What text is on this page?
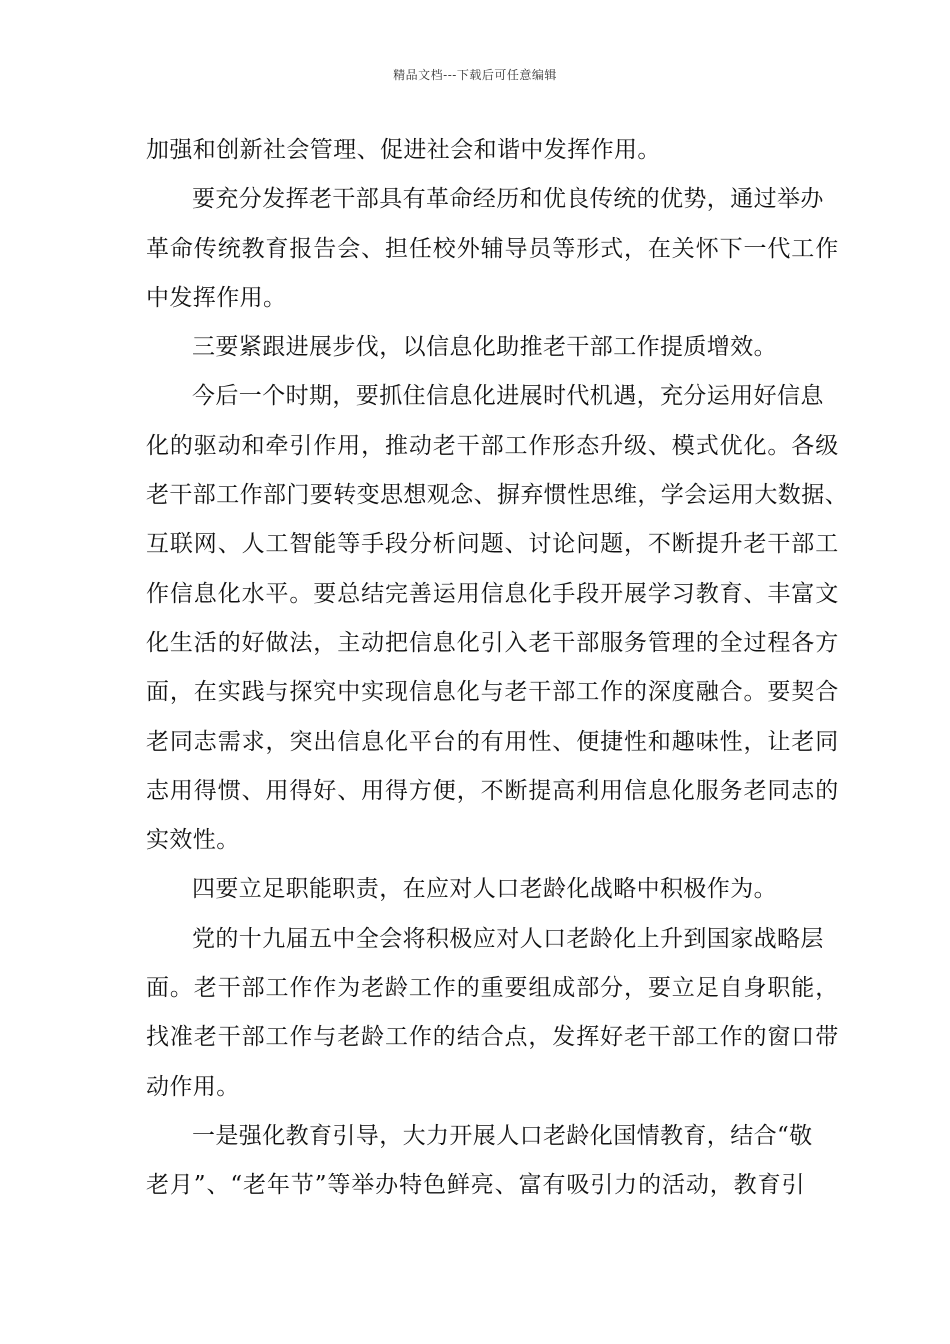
精品文档---下载后可任意编辑
加强和创新社会管理、促进社会和谐中发挥作用。
要充分发挥老干部具有革命经历和优良传统的优势，通过举办
革命传统教育报告会、担任校外辅导员等形式，在关怀下一代工作
中发挥作用。
三要紧跟进展步伐，以信息化助推老干部工作提质增效。
今后一个时期，要抓住信息化进展时代机遇，充分运用好信息
化的驱动和牵引作用，推动老干部工作形态升级、模式优化。各级
老干部工作部门要转变思想观念、摒弃惯性思维，学会运用大数据、
互联网、人工智能等手段分析问题、讨论问题，不断提升老干部工
作信息化水平。要总结完善运用信息化手段开展学习教育、丰富文
化生活的好做法，主动把信息化引入老干部服务管理的全过程各方
面，在实践与探究中实现信息化与老干部工作的深度融合。要契合
老同志需求，突出信息化平台的有用性、便捷性和趣味性，让老同
志用得惯、用得好、用得方便，不断提高利用信息化服务老同志的
实效性。
四要立足职能职责，在应对人口老龄化战略中积极作为。
党的十九届五中全会将积极应对人口老龄化上升到国家战略层
面。老干部工作作为老龄工作的重要组成部分，要立足自身职能，
找准老干部工作与老龄工作的结合点，发挥好老干部工作的窗口带
动作用。
一是强化教育引导，大力开展人口老龄化国情教育，结合“敬
老月”、“老年节”等举办特色鲜亮、富有吸引力的活动，教育引
